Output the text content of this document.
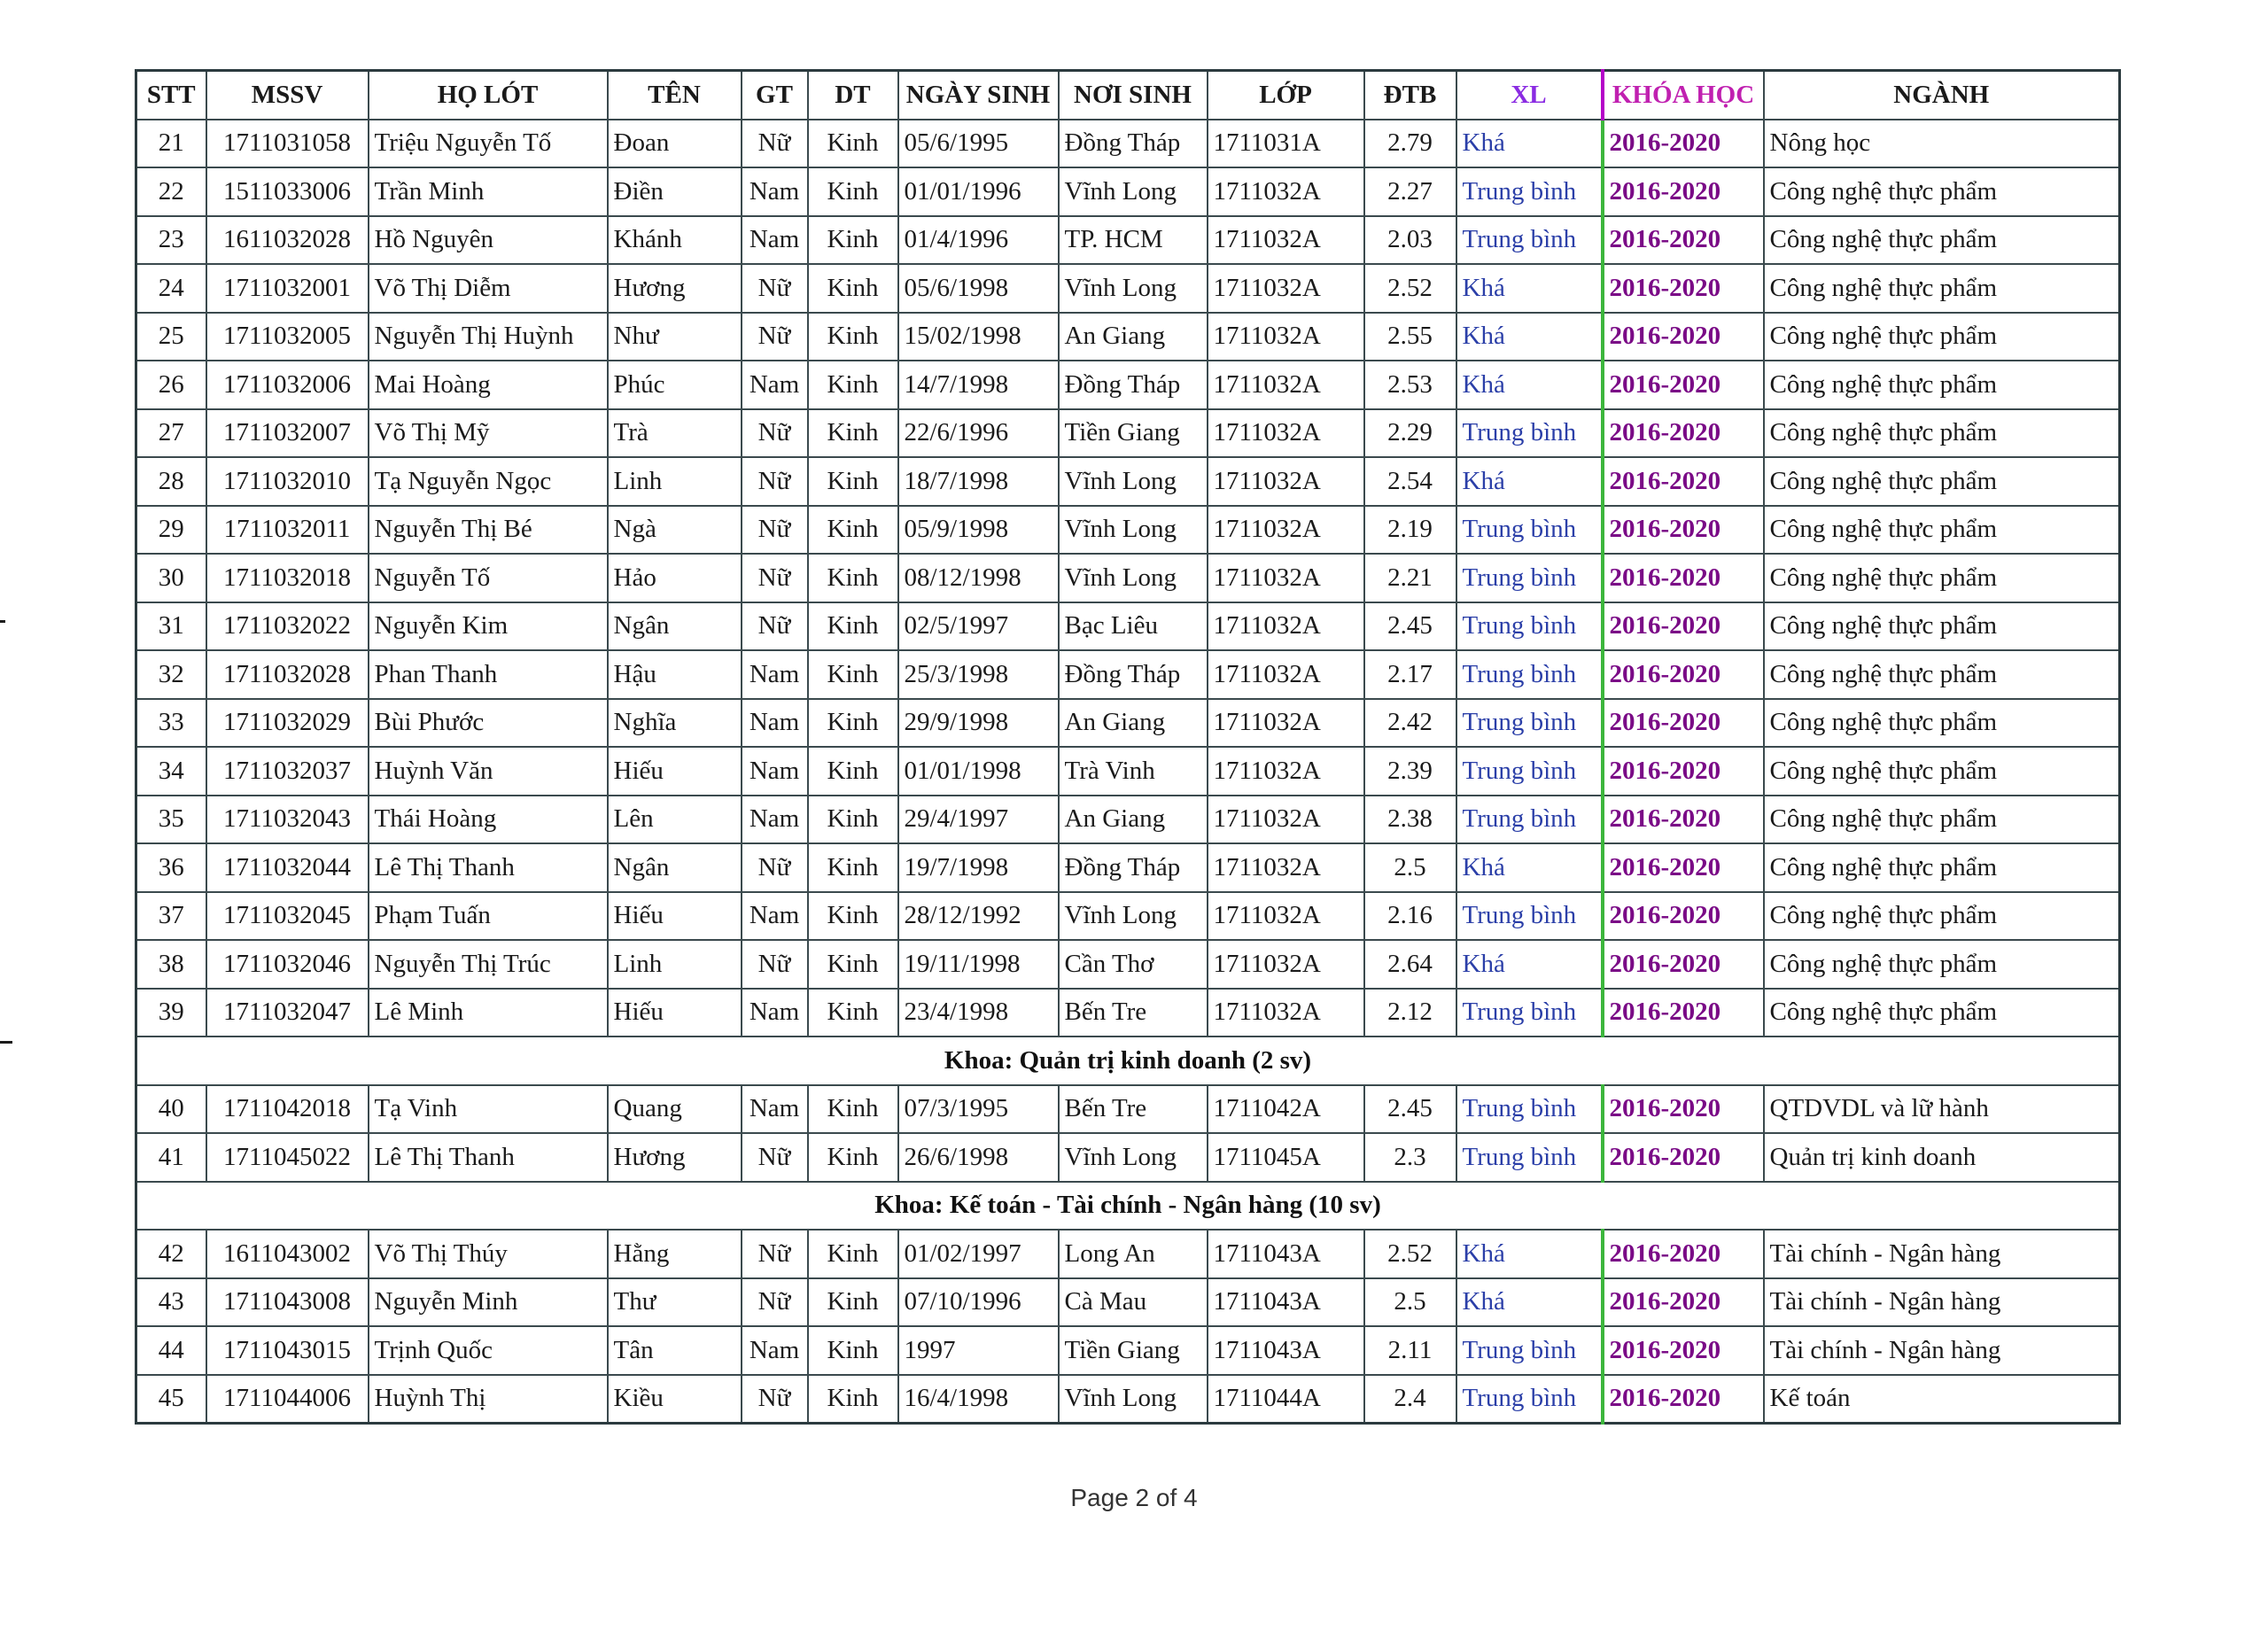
STT	MSSV	HỌ LÓT	TÊN	GT	DT	NGÀY SINH	NƠI SINH	LỚP	ĐTB	XL	KHÓA HỌC	NGÀNH
21	1711031058	Triệu Nguyễn Tố	Đoan	Nữ	Kinh	05/6/1995	Đồng Tháp	1711031A	2.79	Khá	2016-2020	Nông học
22	1511033006	Trần Minh	Điền	Nam	Kinh	01/01/1996	Vĩnh Long	1711032A	2.27	Trung bình	2016-2020	Công nghệ thực phẩm
23	1611032028	Hồ Nguyên	Khánh	Nam	Kinh	01/4/1996	TP. HCM	1711032A	2.03	Trung bình	2016-2020	Công nghệ thực phẩm
24	1711032001	Võ Thị Diễm	Hương	Nữ	Kinh	05/6/1998	Vĩnh Long	1711032A	2.52	Khá	2016-2020	Công nghệ thực phẩm
25	1711032005	Nguyễn Thị Huỳnh	Như	Nữ	Kinh	15/02/1998	An Giang	1711032A	2.55	Khá	2016-2020	Công nghệ thực phẩm
26	1711032006	Mai Hoàng	Phúc	Nam	Kinh	14/7/1998	Đồng Tháp	1711032A	2.53	Khá	2016-2020	Công nghệ thực phẩm
27	1711032007	Võ Thị Mỹ	Trà	Nữ	Kinh	22/6/1996	Tiền Giang	1711032A	2.29	Trung bình	2016-2020	Công nghệ thực phẩm
28	1711032010	Tạ Nguyễn Ngọc	Linh	Nữ	Kinh	18/7/1998	Vĩnh Long	1711032A	2.54	Khá	2016-2020	Công nghệ thực phẩm
29	1711032011	Nguyễn Thị Bé	Ngà	Nữ	Kinh	05/9/1998	Vĩnh Long	1711032A	2.19	Trung bình	2016-2020	Công nghệ thực phẩm
30	1711032018	Nguyễn Tố	Hảo	Nữ	Kinh	08/12/1998	Vĩnh Long	1711032A	2.21	Trung bình	2016-2020	Công nghệ thực phẩm
31	1711032022	Nguyễn Kim	Ngân	Nữ	Kinh	02/5/1997	Bạc Liêu	1711032A	2.45	Trung bình	2016-2020	Công nghệ thực phẩm
32	1711032028	Phan Thanh	Hậu	Nam	Kinh	25/3/1998	Đồng Tháp	1711032A	2.17	Trung bình	2016-2020	Công nghệ thực phẩm
33	1711032029	Bùi Phước	Nghĩa	Nam	Kinh	29/9/1998	An Giang	1711032A	2.42	Trung bình	2016-2020	Công nghệ thực phẩm
34	1711032037	Huỳnh Văn	Hiếu	Nam	Kinh	01/01/1998	Trà Vinh	1711032A	2.39	Trung bình	2016-2020	Công nghệ thực phẩm
35	1711032043	Thái Hoàng	Lên	Nam	Kinh	29/4/1997	An Giang	1711032A	2.38	Trung bình	2016-2020	Công nghệ thực phẩm
36	1711032044	Lê Thị Thanh	Ngân	Nữ	Kinh	19/7/1998	Đồng Tháp	1711032A	2.5	Khá	2016-2020	Công nghệ thực phẩm
37	1711032045	Phạm Tuấn	Hiếu	Nam	Kinh	28/12/1992	Vĩnh Long	1711032A	2.16	Trung bình	2016-2020	Công nghệ thực phẩm
38	1711032046	Nguyễn Thị Trúc	Linh	Nữ	Kinh	19/11/1998	Cần Thơ	1711032A	2.64	Khá	2016-2020	Công nghệ thực phẩm
39	1711032047	Lê Minh	Hiếu	Nam	Kinh	23/4/1998	Bến Tre	1711032A	2.12	Trung bình	2016-2020	Công nghệ thực phẩm
Khoa: Quản trị kinh doanh (2 sv)												
40	1711042018	Tạ Vinh	Quang	Nam	Kinh	07/3/1995	Bến Tre	1711042A	2.45	Trung bình	2016-2020	QTDVDL và lữ hành
41	1711045022	Lê Thị Thanh	Hương	Nữ	Kinh	26/6/1998	Vĩnh Long	1711045A	2.3	Trung bình	2016-2020	Quản trị kinh doanh
Khoa: Kế toán - Tài chính - Ngân hàng (10 sv)												
42	1611043002	Võ Thị Thúy	Hằng	Nữ	Kinh	01/02/1997	Long An	1711043A	2.52	Khá	2016-2020	Tài chính - Ngân hàng
43	1711043008	Nguyễn Minh	Thư	Nữ	Kinh	07/10/1996	Cà Mau	1711043A	2.5	Khá	2016-2020	Tài chính - Ngân hàng
44	1711043015	Trịnh Quốc	Tân	Nam	Kinh	1997	Tiền Giang	1711043A	2.11	Trung bình	2016-2020	Tài chính - Ngân hàng
45	1711044006	Huỳnh Thị	Kiều	Nữ	Kinh	16/4/1998	Vĩnh Long	1711044A	2.4	Trung bình	2016-2020	Kế toán
Page 2 of 4
